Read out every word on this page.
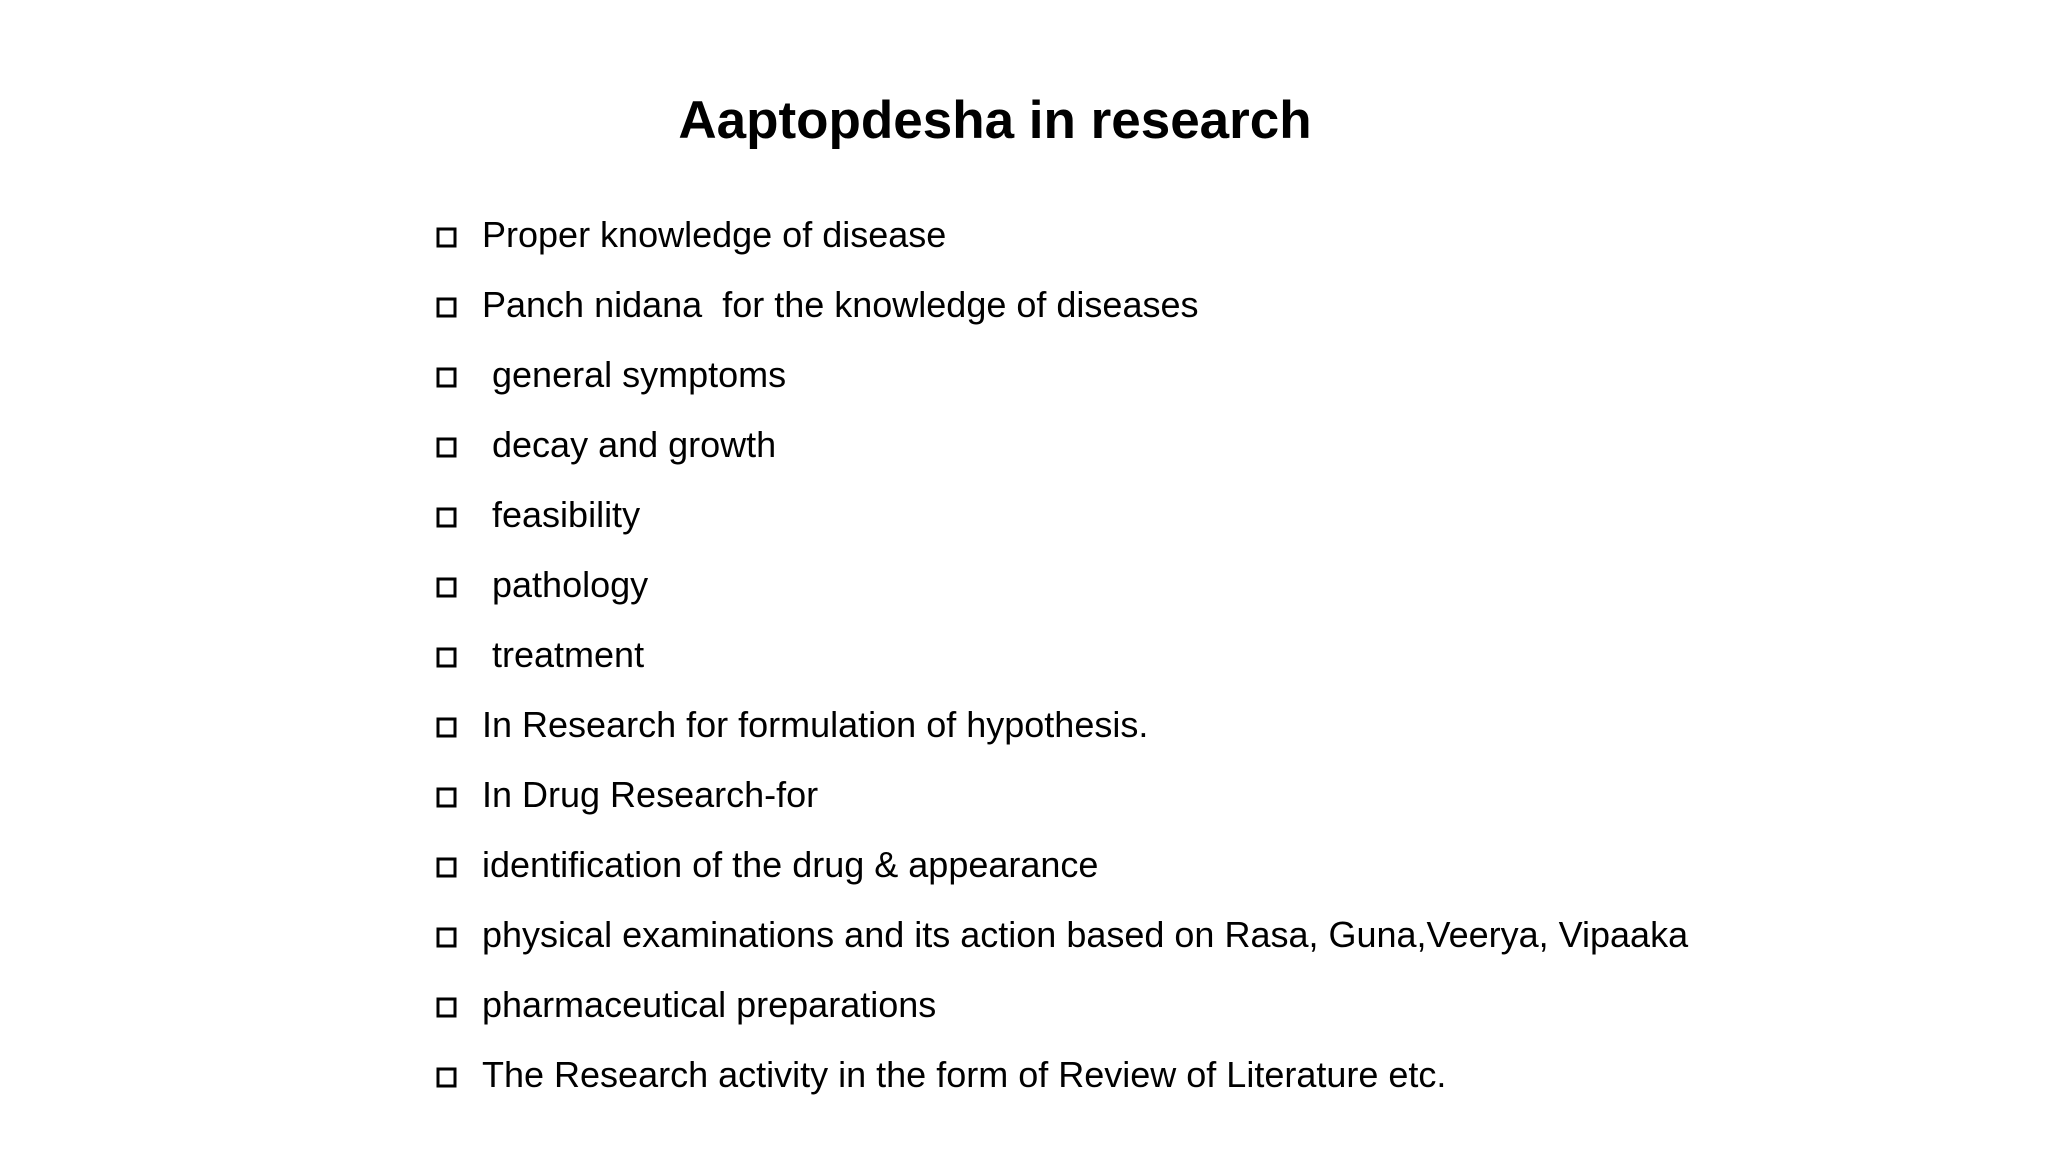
Aaptopdesha in research
Proper knowledge of disease
Panch nidana  for the knowledge of diseases
general symptoms
decay and growth
feasibility
pathology
treatment
In Research for formulation of hypothesis.
In Drug Research-for
identification of the drug & appearance
physical examinations and its action based on Rasa, Guna,Veerya, Vipaaka
pharmaceutical preparations
The Research activity in the form of Review of Literature etc.
